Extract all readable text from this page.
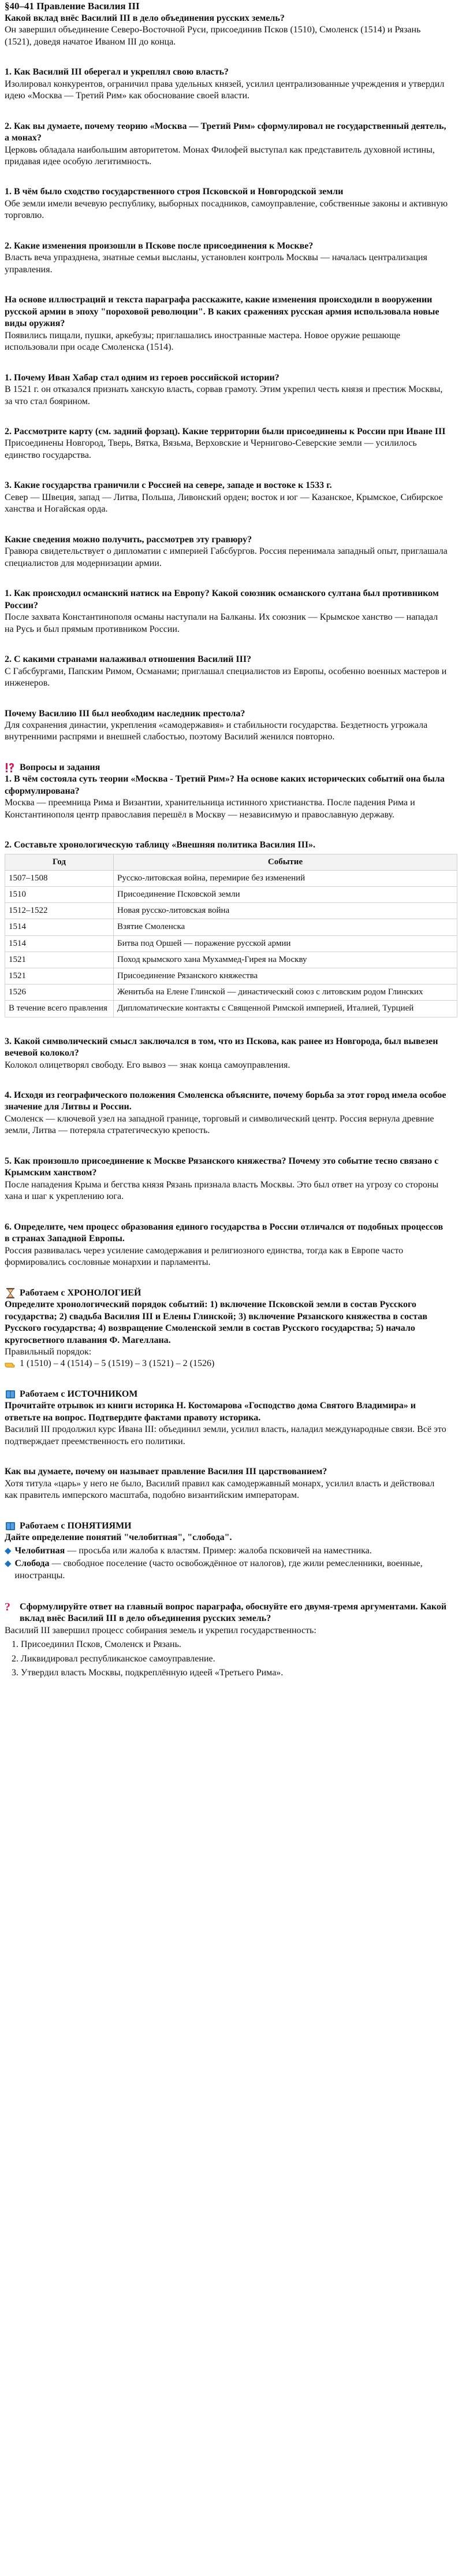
§40–41 Правление Василия III
Какой вклад внёс Василий III в дело объединения русских земель?
Он завершил объединение Северо-Восточной Руси, присоединив Псков (1510), Смоленск (1514) и Рязань (1521), доведя начатое Иваном III до конца.
1. Как Василий III оберегал и укреплял свою власть?
Изолировал конкурентов, ограничил права удельных князей, усилил централизованные учреждения и утвердил идею «Москва — Третий Рим» как обоснование своей власти.
2. Как вы думаете, почему теорию «Москва — Третий Рим» сформулировал не государственный деятель, а монах?
Церковь обладала наибольшим авторитетом. Монах Филофей выступал как представитель духовной истины, придавая идее особую легитимность.
1. В чём было сходство государственного строя Псковской и Новгородской земли
Обе земли имели вечевую республику, выборных посадников, самоуправление, собственные законы и активную торговлю.
2. Какие изменения произошли в Пскове после присоединения к Москве?
Власть веча упразднена, знатные семьи высланы, установлен контроль Москвы — началась централизация управления.
На основе иллюстраций и текста параграфа расскажите, какие изменения происходили в вооружении русской армии в эпоху "пороховой революции". В каких сражениях русская армия использовала новые виды оружия?
Появились пищали, пушки, аркебузы; приглашались иностранные мастера. Новое оружие решающе использовали при осаде Смоленска (1514).
1. Почему Иван Хабар стал одним из героев российской истории?
В 1521 г. он отказался признать ханскую власть, сорвав грамоту. Этим укрепил честь князя и престиж Москвы, за что стал боярином.
2. Рассмотрите карту (см. задний форзац). Какие территории были присоединены к России при Иване III
Присоединены Новгород, Тверь, Вятка, Вязьма, Верховские и Чернигово-Северские земли — усилилось единство государства.
3. Какие государства граничили с Россией на севере, западе и востоке к 1533 г.
Север — Швеция, запад — Литва, Польша, Ливонский орден; восток и юг — Казанское, Крымское, Сибирское ханства и Ногайская орда.
Какие сведения можно получить, рассмотрев эту гравюру?
Гравюра свидетельствует о дипломатии с империей Габсбургов. Россия перенимала западный опыт, приглашала специалистов для модернизации армии.
1. Как происходил османский натиск на Европу? Какой союзник османского султана был противником России?
После захвата Константинополя османы наступали на Балканы. Их союзник — Крымское ханство — нападал на Русь и был прямым противником России.
2. С какими странами налаживал отношения Василий III?
С Габсбургами, Папским Римом, Османами; приглашал специалистов из Европы, особенно военных мастеров и инженеров.
Почему Василию III был необходим наследник престола?
Для сохранения династии, укрепления «самодержавия» и стабильности государства. Бездетность угрожала внутренними распрями и внешней слабостью, поэтому Василий женился повторно.
Вопросы и задания
1. В чём состояла суть теории «Москва - Третий Рим»? На основе каких исторических событий она была сформулирована?
Москва — преемница Рима и Византии, хранительница истинного христианства. После падения Рима и Константинополя центр православия перешёл в Москву — независимую и православную державу.
2. Составьте хронологическую таблицу «Внешняя политика Василия III».
Год	Событие
1507–1508	Русско-литовская война, перемирие без изменений
1510	Присоединение Псковской земли
1512–1522	Новая русско-литовская война
1514	Взятие Смоленска
1514	Битва под Оршей — поражение русской армии
1521	Поход крымского хана Мухаммед-Гирея на Москву
1521	Присоединение Рязанского княжества
1526	Женитьба на Елене Глинской — династический союз с литовским родом Глинских
В течение всего правления	Дипломатические контакты с Священной Римской империей, Италией, Турцией
3. Какой символический смысл заключался в том, что из Пскова, как ранее из Новгорода, был вывезен вечевой колокол?
Колокол олицетворял свободу. Его вывоз — знак конца самоуправления.
4. Исходя из географического положения Смоленска объясните, почему борьба за этот город имела особое значение для Литвы и России.
Смоленск — ключевой узел на западной границе, торговый и символический центр. Россия вернула древние земли, Литва — потеряла стратегическую крепость.
5. Как произошло присоединение к Москве Рязанского княжества? Почему это событие тесно связано с Крымским ханством?
После нападения Крыма и бегства князя Рязань признала власть Москвы. Это был ответ на угрозу со стороны хана и шаг к укреплению юга.
6. Определите, чем процесс образования единого государства в России отличался от подобных процессов в странах Западной Европы.
Россия развивалась через усиление самодержавия и религиозного единства, тогда как в Европе часто формировались сословные монархии и парламенты.
Работаем с ХРОНОЛОГИЕЙ
Определите хронологический порядок событий: 1) включение Псковской земли в состав Русского государства; 2) свадьба Василия III и Елены Глинской; 3) включение Рязанского княжества в состав Русского государства; 4) возвращение Смоленской земли в состав Русского государства; 5) начало кругосветного плавания Ф. Магеллана.
Правильный порядок:
1 (1510) – 4 (1514) – 5 (1519) – 3 (1521) – 2 (1526)
Работаем с ИСТОЧНИКОМ
Прочитайте отрывок из книги историка Н. Костомарова «Господство дома Святого Владимира» и ответьте на вопрос. Подтвердите фактами правоту историка.
Василий III продолжил курс Ивана III: объединил земли, усилил власть, наладил международные связи. Всё это подтверждает преемственность его политики.
Как вы думаете, почему он называет правление Василия III царствованием?
Хотя титула «царь» у него не было, Василий правил как самодержавный монарх, усилил власть и действовал как правитель имперского масштаба, подобно византийским императорам.
Работаем с ПОНЯТИЯМИ
Дайте определение понятий "челобитная", "слобода".
◆ Челобитная — просьба или жалоба к властям. Пример: жалоба псковичей на наместника.
◆ Слобода — свободное поселение (часто освобождённое от налогов), где жили ремесленники, военные, иностранцы.
?	Сформулируйте ответ на главный вопрос параграфа, обоснуйте его двумя-тремя аргументами. Какой вклад внёс Василий III в дело объединения русских земель?
Василий III завершил процесс собирания земель и укрепил государственность:
1. Присоединил Псков, Смоленск и Рязань.
2. Ликвидировал республиканское самоуправление.
3. Утвердил власть Москвы, подкреплённую идеей «Третьего Рима».
